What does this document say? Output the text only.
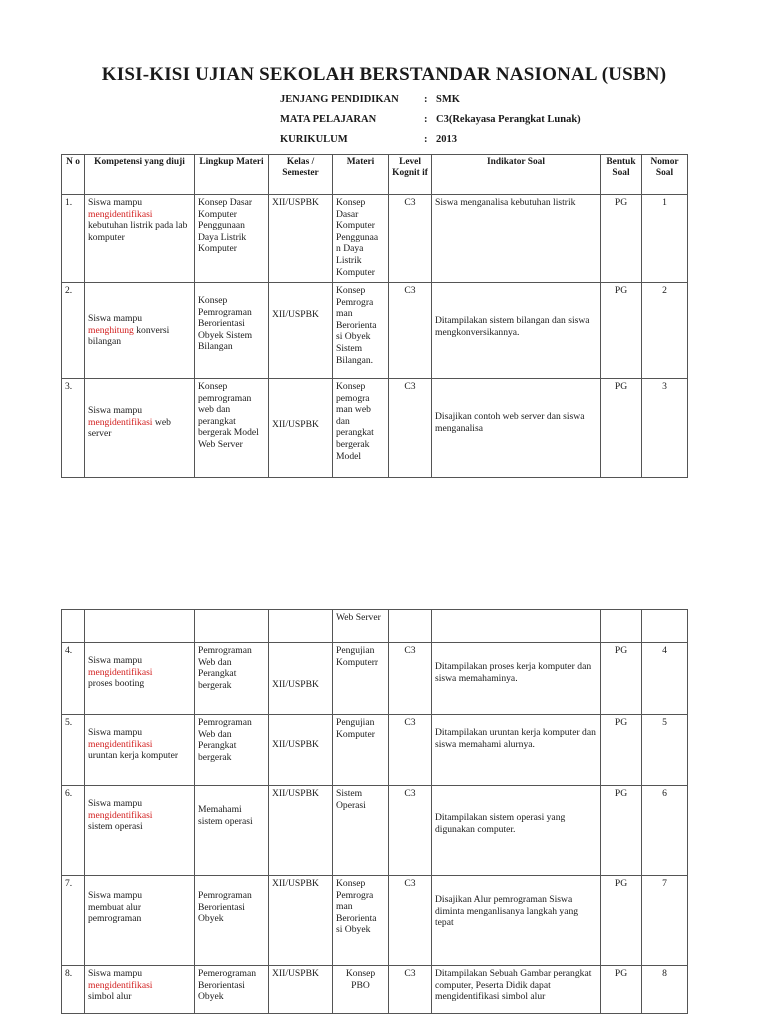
KISI-KISI UJIAN SEKOLAH BERSTANDAR NASIONAL (USBN)
JENJANG PENDIDIKAN	: SMK
MATA PELAJARAN	: C3(Rekayasa Perangkat Lunak)
KURIKULUM	: 2013
N o	Kompetensi yang diuji	Lingkup Materi	Kelas / Semester	Materi	Level Kognit if	Indikator Soal	Bentuk Soal	Nomor Soal
1.	Siswa mampu
mengidentifikasi
kebutuhan listrik pada lab komputer	Konsep Dasar Komputer Penggunaan Daya Listrik Komputer	XII/USPBK	Konsep Dasar Komputer Penggunaa n Daya Listrik Komputer	C3	Siswa menganalisa kebutuhan listrik	PG	1
2.	Siswa mampu
menghitung konversi bilangan	Konsep Pemrograman Berorientasi Obyek Sistem Bilangan	XII/USPBK	Konsep Pemrogra man Berorienta si Obyek Sistem Bilangan.	C3	Ditampilakan sistem bilangan dan siswa mengkonversikannya.	PG	2
3.	Siswa mampu
mengidentifikasi web server	Konsep pemrograman web dan perangkat bergerak Model Web Server	XII/USPBK	Konsep pemogra man web dan perangkat bergerak Model	C3	Disajikan contoh web server dan siswa menganalisa	PG	3
				Web Server				
4.	Siswa mampu
mengidentifikasi
proses booting	Pemrograman Web dan Perangkat bergerak	XII/USPBK	Pengujian Komputerr	C3	Ditampilakan proses kerja komputer dan siswa memahaminya.	PG	4
5.	Siswa mampu
mengidentifikasi
uruntan kerja komputer	Pemrograman Web dan Perangkat bergerak	XII/USPBK	Pengujian Komputer	C3	Ditampilakan uruntan kerja komputer dan siswa memahami alurnya.	PG	5
6.	Siswa mampu
mengidentifikasi
sistem operasi	Memahami sistem operasi	XII/USPBK	Sistem Operasi	C3	Ditampilakan sistem operasi yang digunakan computer.	PG	6
7.	Siswa mampu membuat alur pemrograman	Pemrograman Berorientasi Obyek	XII/USPBK	Konsep Pemrogra man Berorienta si Obyek	C3	Disajikan Alur pemrograman Siswa diminta menganlisanya langkah yang tepat	PG	7
8.	Siswa mampu
mengidentifikasi
simbol alur	Pemerograman Berorientasi Obyek	XII/USPBK	Konsep PBO	C3	Ditampilakan Sebuah Gambar perangkat computer, Peserta Didik dapat mengidentifikasi simbol alur	PG	8
